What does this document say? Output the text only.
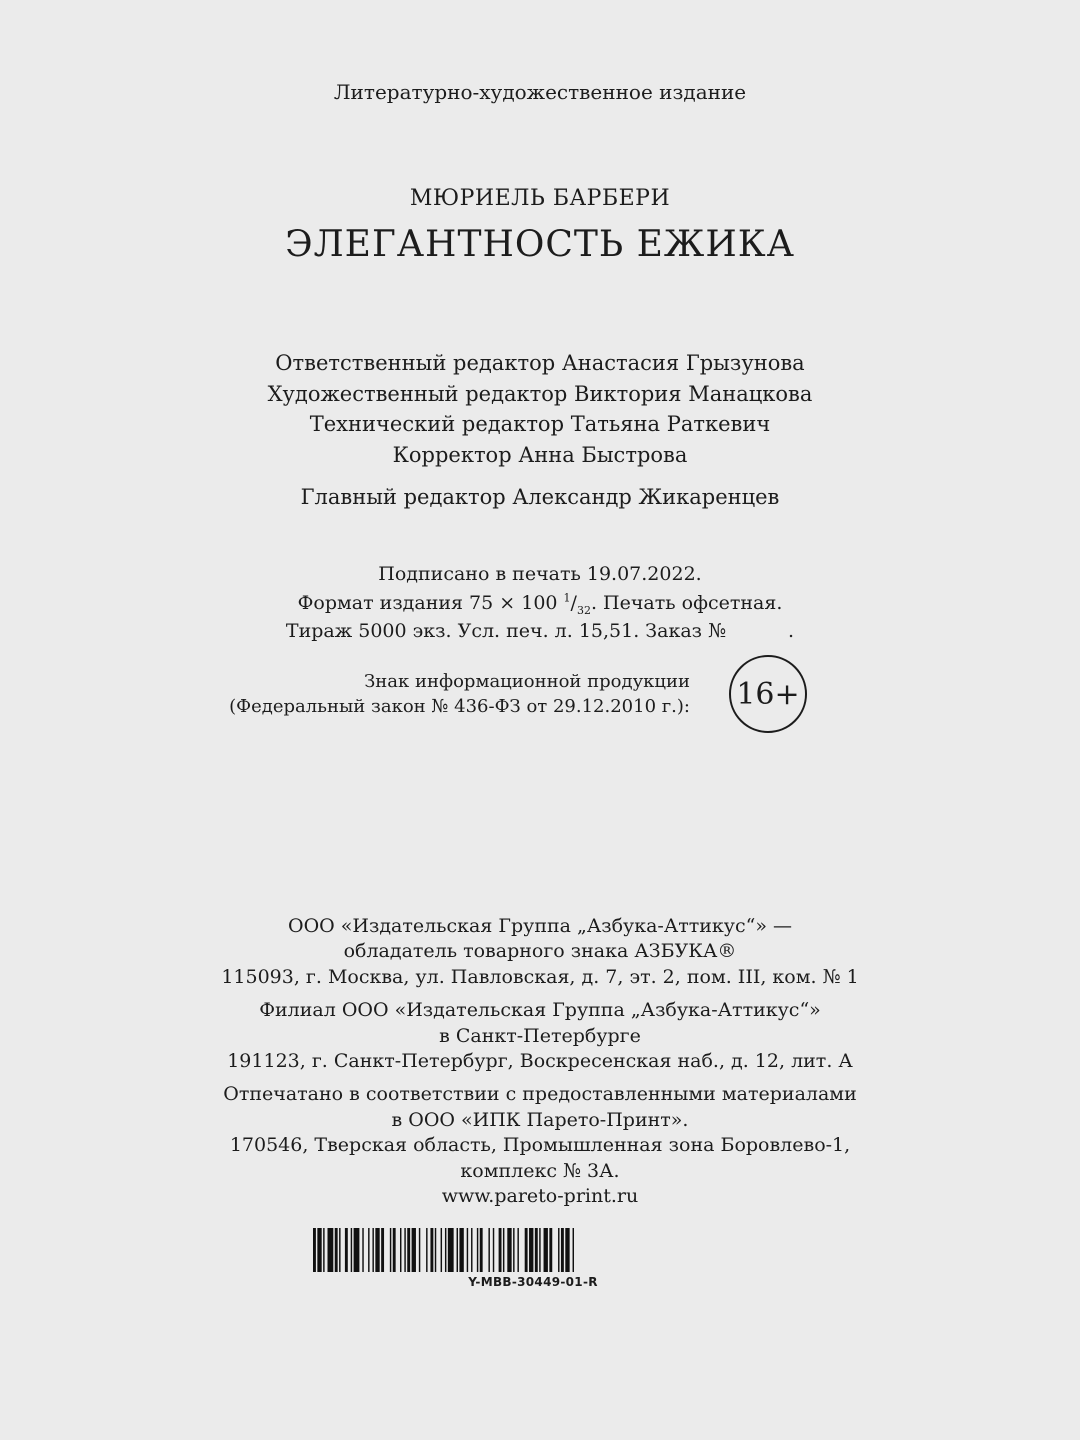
Литературно-художественное издание
МЮРИЕЛЬ БАРБЕРИ
ЭЛЕГАНТНОСТЬ ЕЖИКА
Ответственный редактор Анастасия Грызунова
Художественный редактор Виктория Манацкова
Технический редактор Татьяна Раткевич
Корректор Анна Быстрова
Главный редактор Александр Жикаренцев
Подписано в печать 19.07.2022.
Формат издания 75 × 100 $^1/_{32}$. Печать офсетная.
Тираж 5000 экз. Усл. печ. л. 15,51. Заказ №	.
Знак информационной продукции
(Федеральный закон № 436-ФЗ от 29.12.2010 г.): 16+
ООО «Издательская Группа „Азбука-Аттикус“» —
обладатель товарного знака АЗБУКА®
115093, г. Москва, ул. Павловская, д. 7, эт. 2, пом. III, ком. № 1
Филиал ООО «Издательская Группа „Азбука-Аттикус“»
в Санкт-Петербурге
191123, г. Санкт-Петербург, Воскресенская наб., д. 12, лит. А
Отпечатано в соответствии с предоставленными материалами
в ООО «ИПК Парето-Принт».
170546, Тверская область, Промышленная зона Боровлево-1,
комплекс № 3А.
www.pareto-print.ru
Y-MBB-30449-01-R
